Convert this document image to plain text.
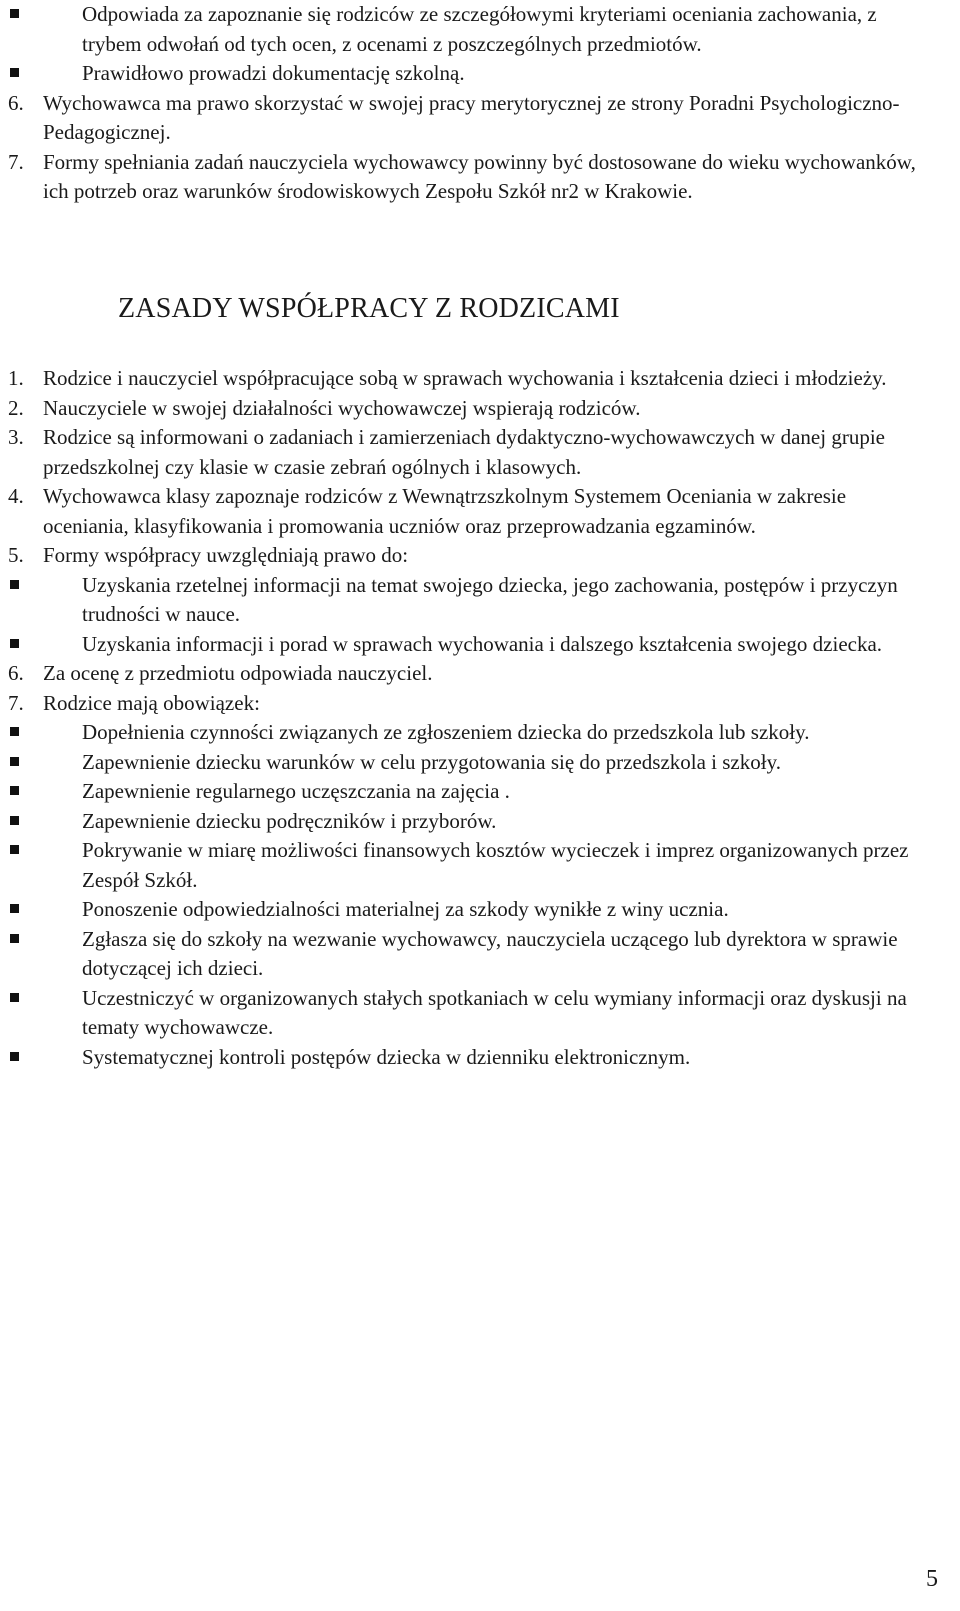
Odpowiada za zapoznanie się rodziców ze szczegółowymi kryteriami oceniania zachowania, z trybem odwołań od tych ocen, z ocenami z poszczególnych przedmiotów.

Prawidłowo prowadzi dokumentację szkolną.

6. Wychowawca ma prawo skorzystać w swojej pracy merytorycznej ze strony Poradni Psychologiczno-Pedagogicznej.

7. Formy spełniania zadań nauczyciela wychowawcy powinny być dostosowane do wieku wychowanków, ich potrzeb oraz warunków środowiskowych Zespołu Szkół nr2 w Krakowie.

ZASADY WSPÓŁPRACY Z RODZICAMI

1. Rodzice i nauczyciel współpracujące sobą w sprawach wychowania i kształcenia dzieci i młodzieży.

2. Nauczyciele w swojej działalności wychowawczej wspierają rodziców.

3. Rodzice są informowani o zadaniach i zamierzeniach dydaktyczno-wychowawczych w danej grupie przedszkolnej czy klasie w czasie zebrań ogólnych i klasowych.

4. Wychowawca klasy zapoznaje rodziców z Wewnątrzszkolnym Systemem Oceniania w zakresie oceniania, klasyfikowania i promowania uczniów oraz przeprowadzania egzaminów.

5. Formy współpracy uwzględniają prawo do:

Uzyskania rzetelnej informacji na temat swojego dziecka, jego zachowania, postępów i przyczyn trudności w nauce.

Uzyskania informacji i porad w sprawach wychowania i dalszego kształcenia swojego dziecka.

6. Za ocenę z przedmiotu odpowiada nauczyciel.

7. Rodzice mają obowiązek:

Dopełnienia czynności związanych ze zgłoszeniem dziecka do przedszkola lub szkoły.

Zapewnienie dziecku warunków w celu przygotowania się do przedszkola i szkoły.

Zapewnienie regularnego uczęszczania na zajęcia .

Zapewnienie dziecku podręczników i przyborów.

Pokrywanie w miarę możliwości finansowych kosztów wycieczek i imprez organizowanych przez Zespół Szkół.

Ponoszenie odpowiedzialności materialnej za szkody wynikłe z winy ucznia.

Zgłasza się do szkoły na wezwanie wychowawcy, nauczyciela uczącego lub dyrektora w sprawie dotyczącej ich dzieci.

Uczestniczyć w organizowanych stałych spotkaniach w celu wymiany informacji oraz dyskusji na tematy wychowawcze.

Systematycznej kontroli postępów dziecka w dzienniku elektronicznym.

5
